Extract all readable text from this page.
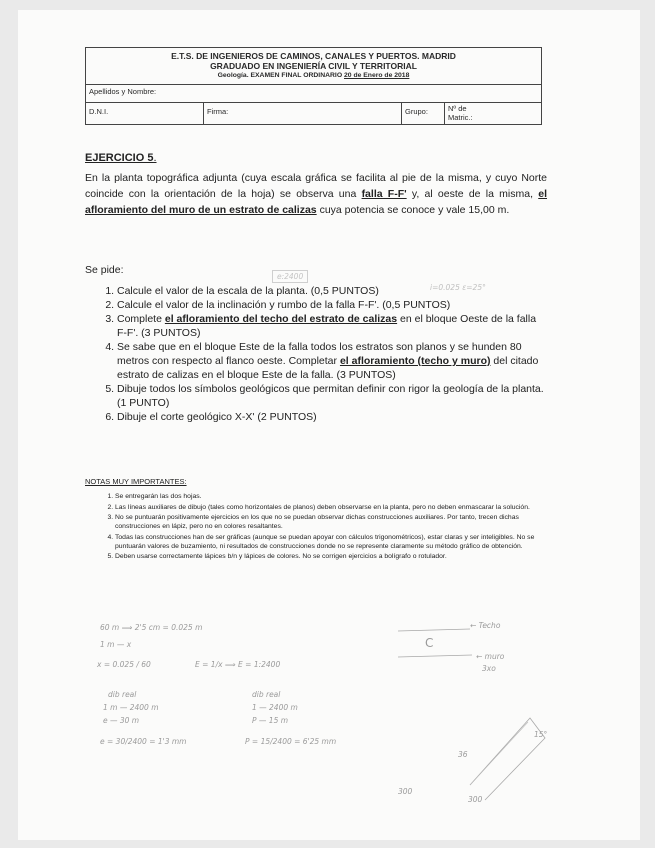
E.T.S. DE INGENIEROS DE CAMINOS, CANALES Y PUERTOS. MADRID
GRADUADO EN INGENIERÍA CIVIL Y TERRITORIAL
Geología. EXAMEN FINAL ORDINARIO 20 de Enero de 2018
Apellidos y Nombre:
D.N.I.	Firma:	Grupo:	Nº de
Matric.:
EJERCICIO 5.
En la planta topográfica adjunta (cuya escala gráfica se facilita al pie de la misma, y cuyo Norte coincide con la orientación de la hoja) se observa una falla F-F' y, al oeste de la misma, el afloramiento del muro de un estrato de calizas cuya potencia se conoce y vale 15,00 m.
Se pide:
1. Calcule el valor de la escala de la planta. (0,5 PUNTOS)
2. Calcule el valor de la inclinación y rumbo de la falla F-F'. (0,5 PUNTOS)
3. Complete el afloramiento del techo del estrato de calizas en el bloque Oeste de la falla F-F'. (3 PUNTOS)
4. Se sabe que en el bloque Este de la falla todos los estratos son planos y se hunden 80 metros con respecto al flanco oeste. Completar el afloramiento (techo y muro) del citado estrato de calizas en el bloque Este de la falla. (3 PUNTOS)
5. Dibuje todos los símbolos geológicos que permitan definir con rigor la geología de la planta. (1 PUNTO)
6. Dibuje el corte geológico X-X' (2 PUNTOS)
NOTAS MUY IMPORTANTES:
1. Se entregarán las dos hojas.
2. Las líneas auxiliares de dibujo (tales como horizontales de planos) deben observarse en la planta, pero no deben enmascarar la solución.
3. No se puntuarán positivamente ejercicios en los que no se puedan observar dichas construcciones auxiliares. Por tanto, trecen dichas construcciones en lápiz, pero no en colores resaltantes.
4. Todas las construcciones han de ser gráficas (aunque se puedan apoyar con cálculos trigonométricos), estar claras y ser inteligibles. No se puntuarán valores de buzamiento, ni resultados de construcciones donde no se represente claramente su método gráfico de obtención.
5. Deben usarse correctamente lápices b/n y lápices de colores. No se corrigen ejercicios a bolígrafo o rotulador.
e:2400
i=0.025 ε=25°
60 m ⟹ 2'5 cm = 0.025 m
1 m — x
x = 0.025 / 60	E = 1/x ⟹ E = 1:2400
dib real
1 m — 2400 m
e — 30 m
e = 30/2400 = 1'3 mm
dib real
1 — 2400 m
P — 15 m
P = 15/2400 = 6'25 mm
← Techo
C
← muro
3xo
15°
36
300
300
